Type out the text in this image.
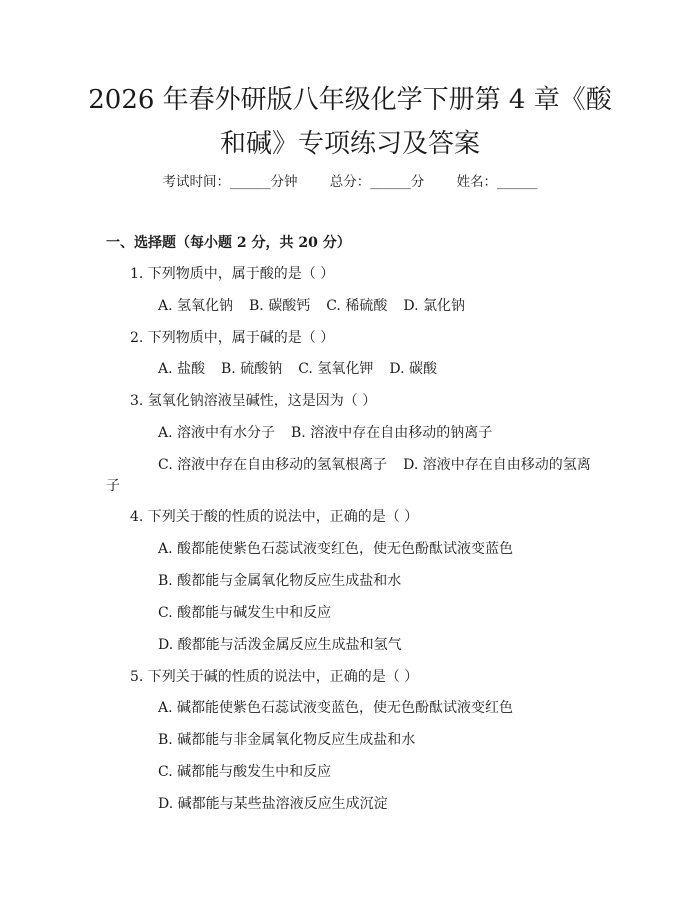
2026 年春外研版八年级化学下册第 4 章《酸
和碱》专项练习及答案
考试时间：______分钟 总分：______分 姓名：______
一、选择题（每小题 2 分，共 20 分）
1. 下列物质中，属于酸的是（ ）
A. 氢氧化钠 B. 碳酸钙 C. 稀硫酸 D. 氯化钠
2. 下列物质中，属于碱的是（ ）
A. 盐酸 B. 硫酸钠 C. 氢氧化钾 D. 碳酸
3. 氢氧化钠溶液呈碱性，这是因为（ ）
A. 溶液中有水分子 B. 溶液中存在自由移动的钠离子
C. 溶液中存在自由移动的氢氧根离子 D. 溶液中存在自由移动的氢离
子
4. 下列关于酸的性质的说法中，正确的是（ ）
A. 酸都能使紫色石蕊试液变红色，使无色酚酞试液变蓝色
B. 酸都能与金属氧化物反应生成盐和水
C. 酸都能与碱发生中和反应
D. 酸都能与活泼金属反应生成盐和氢气
5. 下列关于碱的性质的说法中，正确的是（ ）
A. 碱都能使紫色石蕊试液变蓝色，使无色酚酞试液变红色
B. 碱都能与非金属氧化物反应生成盐和水
C. 碱都能与酸发生中和反应
D. 碱都能与某些盐溶液反应生成沉淀
